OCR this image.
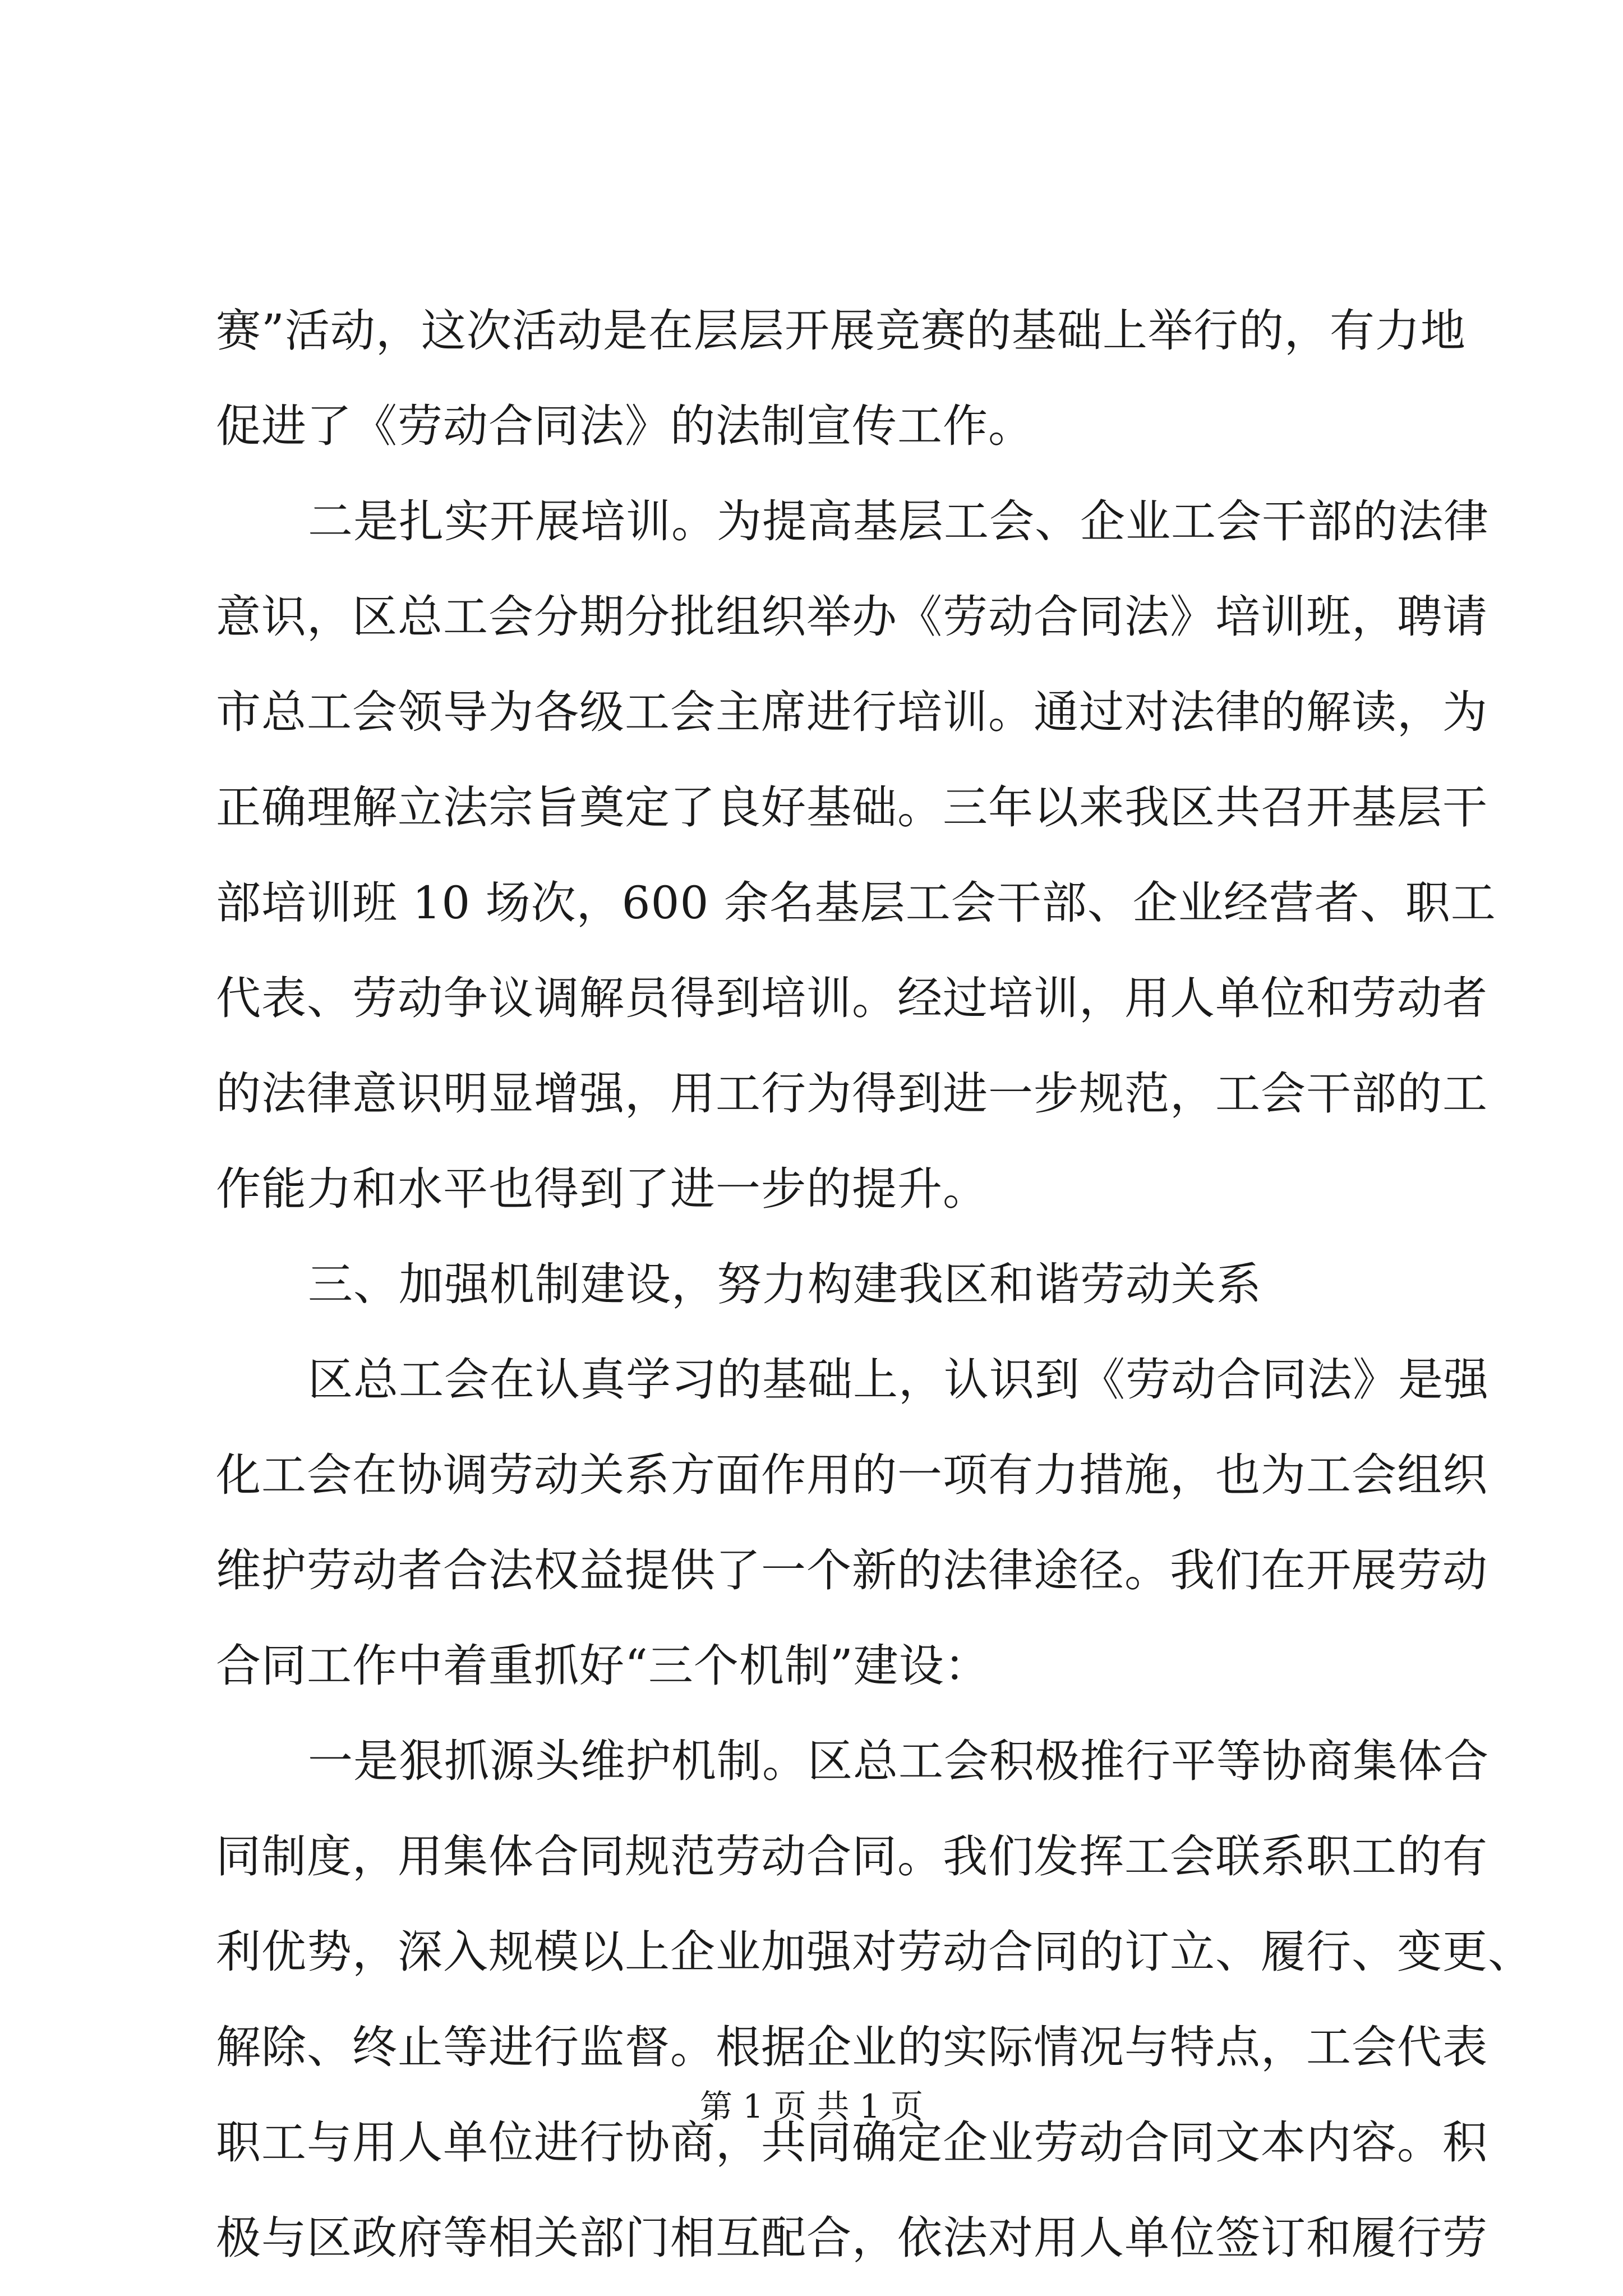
赛”活动，这次活动是在层层开展竞赛的基础上举行的，有力地
促进了《劳动合同法》的法制宣传工作。
二是扎实开展培训。为提高基层工会、企业工会干部的法律
意识，区总工会分期分批组织举办《劳动合同法》培训班，聘请
市总工会领导为各级工会主席进行培训。通过对法律的解读，为
正确理解立法宗旨奠定了良好基础。三年以来我区共召开基层干
部培训班 10 场次，600 余名基层工会干部、企业经营者、职工
代表、劳动争议调解员得到培训。经过培训，用人单位和劳动者
的法律意识明显增强，用工行为得到进一步规范，工会干部的工
作能力和水平也得到了进一步的提升。
三、加强机制建设，努力构建我区和谐劳动关系
区总工会在认真学习的基础上，认识到《劳动合同法》是强
化工会在协调劳动关系方面作用的一项有力措施，也为工会组织
维护劳动者合法权益提供了一个新的法律途径。我们在开展劳动
合同工作中着重抓好“三个机制”建设：
一是狠抓源头维护机制。区总工会积极推行平等协商集体合
同制度，用集体合同规范劳动合同。我们发挥工会联系职工的有
利优势，深入规模以上企业加强对劳动合同的订立、履行、变更、
解除、终止等进行监督。根据企业的实际情况与特点，工会代表
职工与用人单位进行协商，共同确定企业劳动合同文本内容。积
极与区政府等相关部门相互配合，依法对用人单位签订和履行劳
第 1 页 共 1 页
